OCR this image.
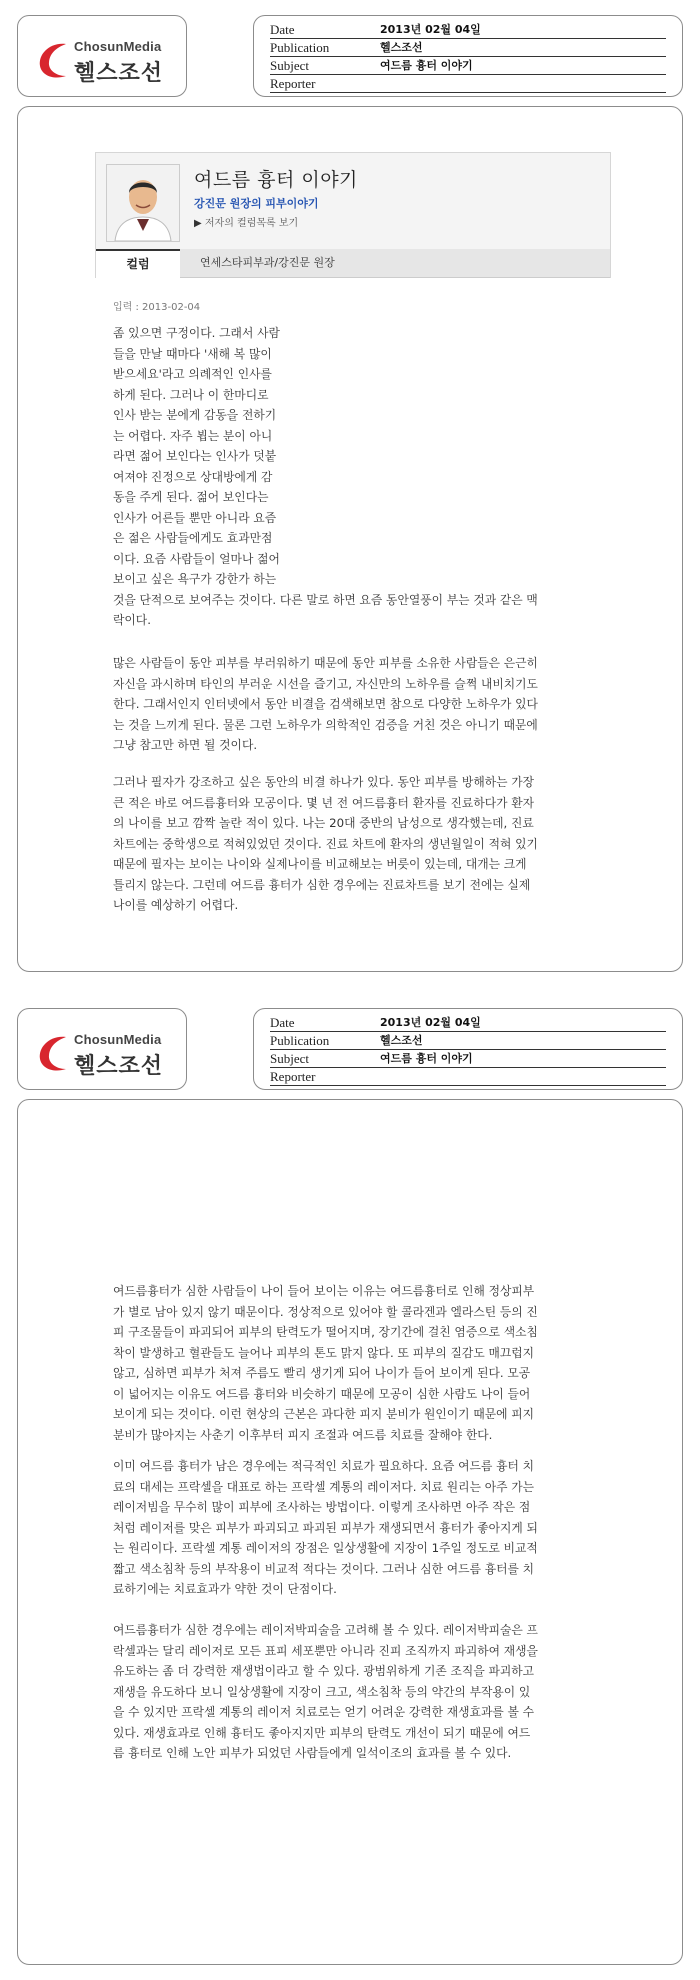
ChosunMedia
헬스조선
Date	2013년 02월 04일
Publication	헬스조선
Subject	여드름 흉터 이야기
Reporter
여드름 흉터 이야기
강진문 원장의 피부이야기
▶ 저자의 컬럼목록 보기
컬럼	연세스타피부과/강진문 원장
입력 : 2013-02-04
좀 있으면 구정이다. 그래서 사람
들을 만날 때마다 '새해 복 많이
받으세요'라고 의례적인 인사를
하게 된다. 그러나 이 한마디로
인사 받는 분에게 감동을 전하기
는 어렵다. 자주 뵙는 분이 아니
라면 젊어 보인다는 인사가 덧붙
여져야 진정으로 상대방에게 감
동을 주게 된다. 젊어 보인다는
인사가 어른들 뿐만 아니라 요즘
은 젊은 사람들에게도 효과만점
이다. 요즘 사람들이 얼마나 젊어
보이고 싶은 욕구가 강한가 하는
것을 단적으로 보여주는 것이다. 다른 말로 하면 요즘 동안열풍이 부는 것과 같은 맥
락이다.
많은 사람들이 동안 피부를 부러워하기 때문에 동안 피부를 소유한 사람들은 은근히
자신을 과시하며 타인의 부러운 시선을 즐기고, 자신만의 노하우를 슬쩍 내비치기도
한다. 그래서인지 인터넷에서 동안 비결을 검색해보면 참으로 다양한 노하우가 있다
는 것을 느끼게 된다. 물론 그런 노하우가 의학적인 검증을 거친 것은 아니기 때문에
그냥 참고만 하면 될 것이다.
그러나 필자가 강조하고 싶은 동안의 비결 하나가 있다. 동안 피부를 방해하는 가장
큰 적은 바로 여드름흉터와 모공이다. 몇 년 전 여드름흉터 환자를 진료하다가 환자
의 나이를 보고 깜짝 놀란 적이 있다. 나는 20대 중반의 남성으로 생각했는데, 진료
차트에는 중학생으로 적혀있었던 것이다. 진료 차트에 환자의 생년월일이 적혀 있기
때문에 필자는 보이는 나이와 실제나이를 비교해보는 버릇이 있는데, 대개는 크게
틀리지 않는다. 그런데 여드름 흉터가 심한 경우에는 진료차트를 보기 전에는 실제
나이를 예상하기 어렵다.
ChosunMedia
헬스조선
Date	2013년 02월 04일
Publication	헬스조선
Subject	여드름 흉터 이야기
Reporter
여드름흉터가 심한 사람들이 나이 들어 보이는 이유는 여드름흉터로 인해 정상피부
가 별로 남아 있지 않기 때문이다. 정상적으로 있어야 할 콜라겐과 엘라스틴 등의 진
피 구조물들이 파괴되어 피부의 탄력도가 떨어지며, 장기간에 걸친 염증으로 색소침
착이 발생하고 혈관들도 늘어나 피부의 톤도 맑지 않다. 또 피부의 질감도 매끄럽지
않고, 심하면 피부가 처져 주름도 빨리 생기게 되어 나이가 들어 보이게 된다. 모공
이 넓어지는 이유도 여드름 흉터와 비슷하기 때문에 모공이 심한 사람도 나이 들어
보이게 되는 것이다. 이런 현상의 근본은 과다한 피지 분비가 원인이기 때문에 피지
분비가 많아지는 사춘기 이후부터 피지 조절과 여드름 치료를 잘해야 한다.
이미 여드름 흉터가 남은 경우에는 적극적인 치료가 필요하다. 요즘 여드름 흉터 치
료의 대세는 프락셀을 대표로 하는 프락셀 계통의 레이저다. 치료 원리는 아주 가는
레이저빔을 무수히 많이 피부에 조사하는 방법이다. 이렇게 조사하면 아주 작은 점
처럼 레이저를 맞은 피부가 파괴되고 파괴된 피부가 재생되면서 흉터가 좋아지게 되
는 원리이다. 프락셀 계통 레이저의 장점은 일상생활에 지장이 1주일 정도로 비교적
짧고 색소침착 등의 부작용이 비교적 적다는 것이다. 그러나 심한 여드름 흉터를 치
료하기에는 치료효과가 약한 것이 단점이다.
여드름흉터가 심한 경우에는 레이저박피술을 고려해 볼 수 있다. 레이저박피술은 프
락셀과는 달리 레이저로 모든 표피 세포뿐만 아니라 진피 조직까지 파괴하여 재생을
유도하는 좀 더 강력한 재생법이라고 할 수 있다. 광범위하게 기존 조직을 파괴하고
재생을 유도하다 보니 일상생활에 지장이 크고, 색소침착 등의 약간의 부작용이 있
을 수 있지만 프락셀 계통의 레이저 치료로는 얻기 어려운 강력한 재생효과를 볼 수
있다. 재생효과로 인해 흉터도 좋아지지만 피부의 탄력도 개선이 되기 때문에 여드
름 흉터로 인해 노안 피부가 되었던 사람들에게 일석이조의 효과를 볼 수 있다.
